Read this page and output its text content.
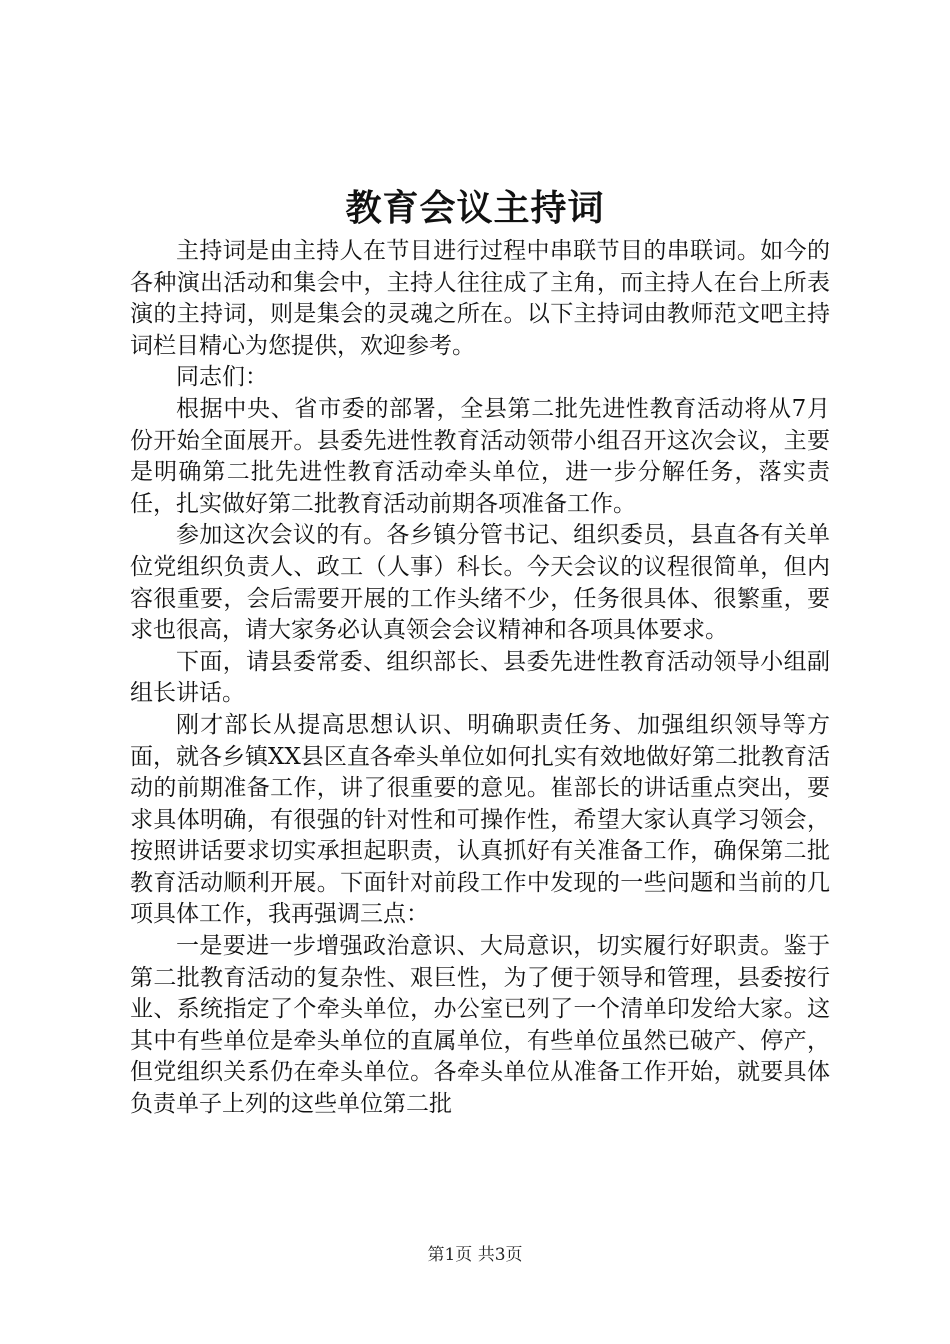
教育会议主持词

主持词是由主持人在节目进行过程中串联节目的串联词。如今的各种演出活动和集会中，主持人往往成了主角，而主持人在台上所表演的主持词，则是集会的灵魂之所在。以下主持词由教师范文吧主持词栏目精心为您提供，欢迎参考。

同志们：

根据中央、省市委的部署，全县第二批先进性教育活动将从7月份开始全面展开。县委先进性教育活动领带小组召开这次会议，主要是明确第二批先进性教育活动牵头单位，进一步分解任务，落实责任，扎实做好第二批教育活动前期各项准备工作。

参加这次会议的有。各乡镇分管书记、组织委员，县直各有关单位党组织负责人、政工（人事）科长。今天会议的议程很简单，但内容很重要，会后需要开展的工作头绪不少，任务很具体、很繁重，要求也很高，请大家务必认真领会会议精神和各项具体要求。

下面，请县委常委、组织部长、县委先进性教育活动领导小组副组长讲话。

刚才部长从提高思想认识、明确职责任务、加强组织领导等方面，就各乡镇XX县区直各牵头单位如何扎实有效地做好第二批教育活动的前期准备工作，讲了很重要的意见。崔部长的讲话重点突出，要求具体明确，有很强的针对性和可操作性，希望大家认真学习领会，按照讲话要求切实承担起职责，认真抓好有关准备工作，确保第二批教育活动顺利开展。下面针对前段工作中发现的一些问题和当前的几项具体工作，我再强调三点：

一是要进一步增强政治意识、大局意识，切实履行好职责。鉴于第二批教育活动的复杂性、艰巨性，为了便于领导和管理，县委按行业、系统指定了个牵头单位，办公室已列了一个清单印发给大家。这其中有些单位是牵头单位的直属单位，有些单位虽然已破产、停产，但党组织关系仍在牵头单位。各牵头单位从准备工作开始，就要具体负责单子上列的这些单位第二批

第1页 共3页
